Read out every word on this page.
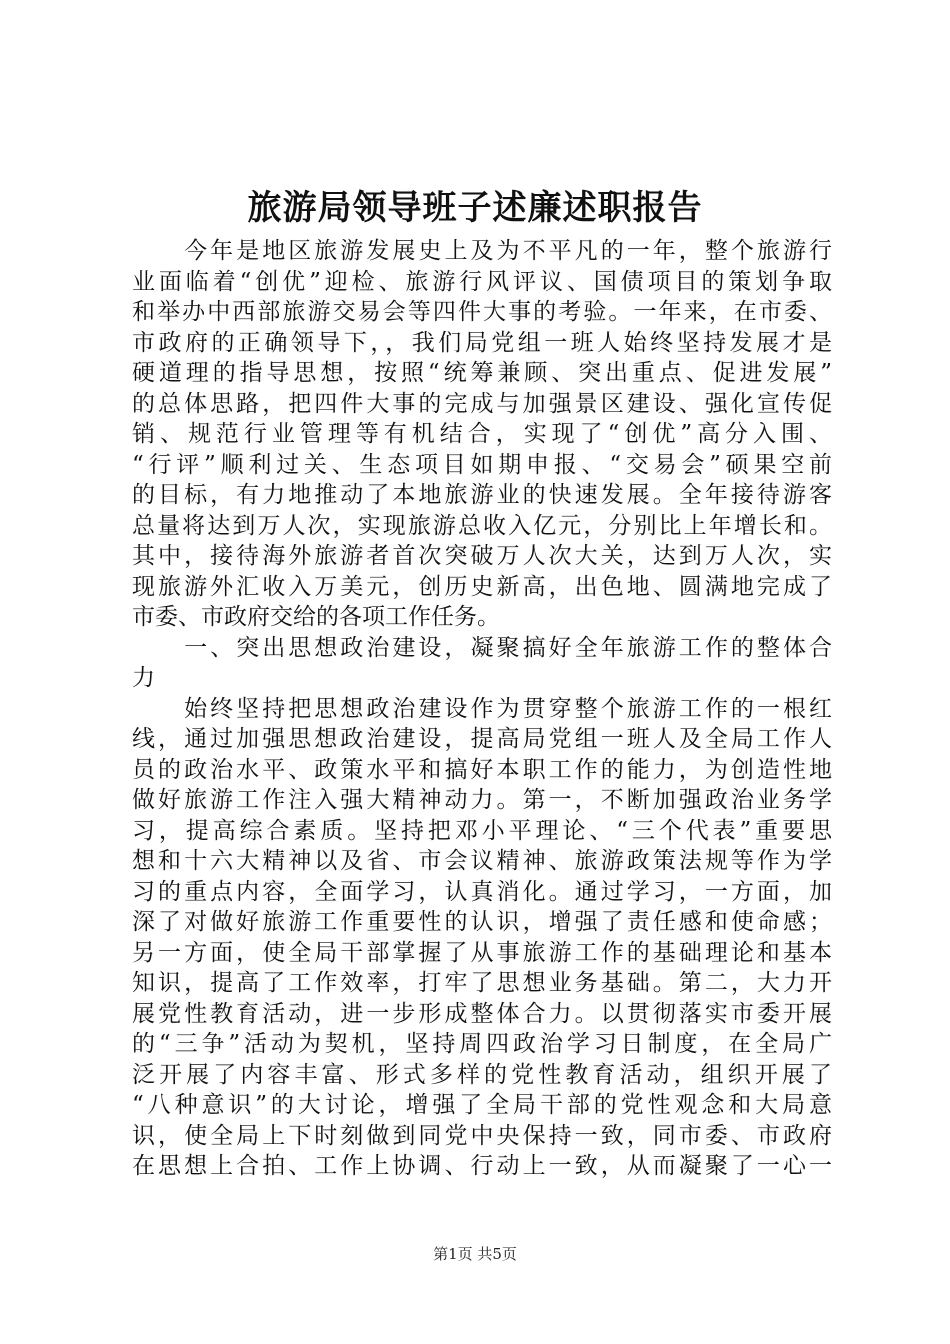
旅游局领导班子述廉述职报告
　　今年是地区旅游发展史上及为不平凡的一年，整个旅游行
业面临着“创优”迎检、旅游行风评议、国债项目的策划争取
和举办中西部旅游交易会等四件大事的考验。一年来，在市委、
市政府的正确领导下，，我们局党组一班人始终坚持发展才是
硬道理的指导思想，按照“统筹兼顾、突出重点、促进发展”
的总体思路，把四件大事的完成与加强景区建设、强化宣传促
销、规范行业管理等有机结合，实现了“创优”高分入围、
“行评”顺利过关、生态项目如期申报、“交易会”硕果空前
的目标，有力地推动了本地旅游业的快速发展。全年接待游客
总量将达到万人次，实现旅游总收入亿元，分别比上年增长和。
其中，接待海外旅游者首次突破万人次大关，达到万人次，实
现旅游外汇收入万美元，创历史新高，出色地、圆满地完成了
市委、市政府交给的各项工作任务。
　　一、突出思想政治建设，凝聚搞好全年旅游工作的整体合
力
　　始终坚持把思想政治建设作为贯穿整个旅游工作的一根红
线，通过加强思想政治建设，提高局党组一班人及全局工作人
员的政治水平、政策水平和搞好本职工作的能力，为创造性地
做好旅游工作注入强大精神动力。第一，不断加强政治业务学
习，提高综合素质。坚持把邓小平理论、“三个代表”重要思
想和十六大精神以及省、市会议精神、旅游政策法规等作为学
习的重点内容，全面学习，认真消化。通过学习，一方面，加
深了对做好旅游工作重要性的认识，增强了责任感和使命感；
另一方面，使全局干部掌握了从事旅游工作的基础理论和基本
知识，提高了工作效率，打牢了思想业务基础。第二，大力开
展党性教育活动，进一步形成整体合力。以贯彻落实市委开展
的“三争”活动为契机，坚持周四政治学习日制度，在全局广
泛开展了内容丰富、形式多样的党性教育活动，组织开展了
“八种意识”的大讨论，增强了全局干部的党性观念和大局意
识，使全局上下时刻做到同党中央保持一致，同市委、市政府
在思想上合拍、工作上协调、行动上一致，从而凝聚了一心一
第1页 共5页
